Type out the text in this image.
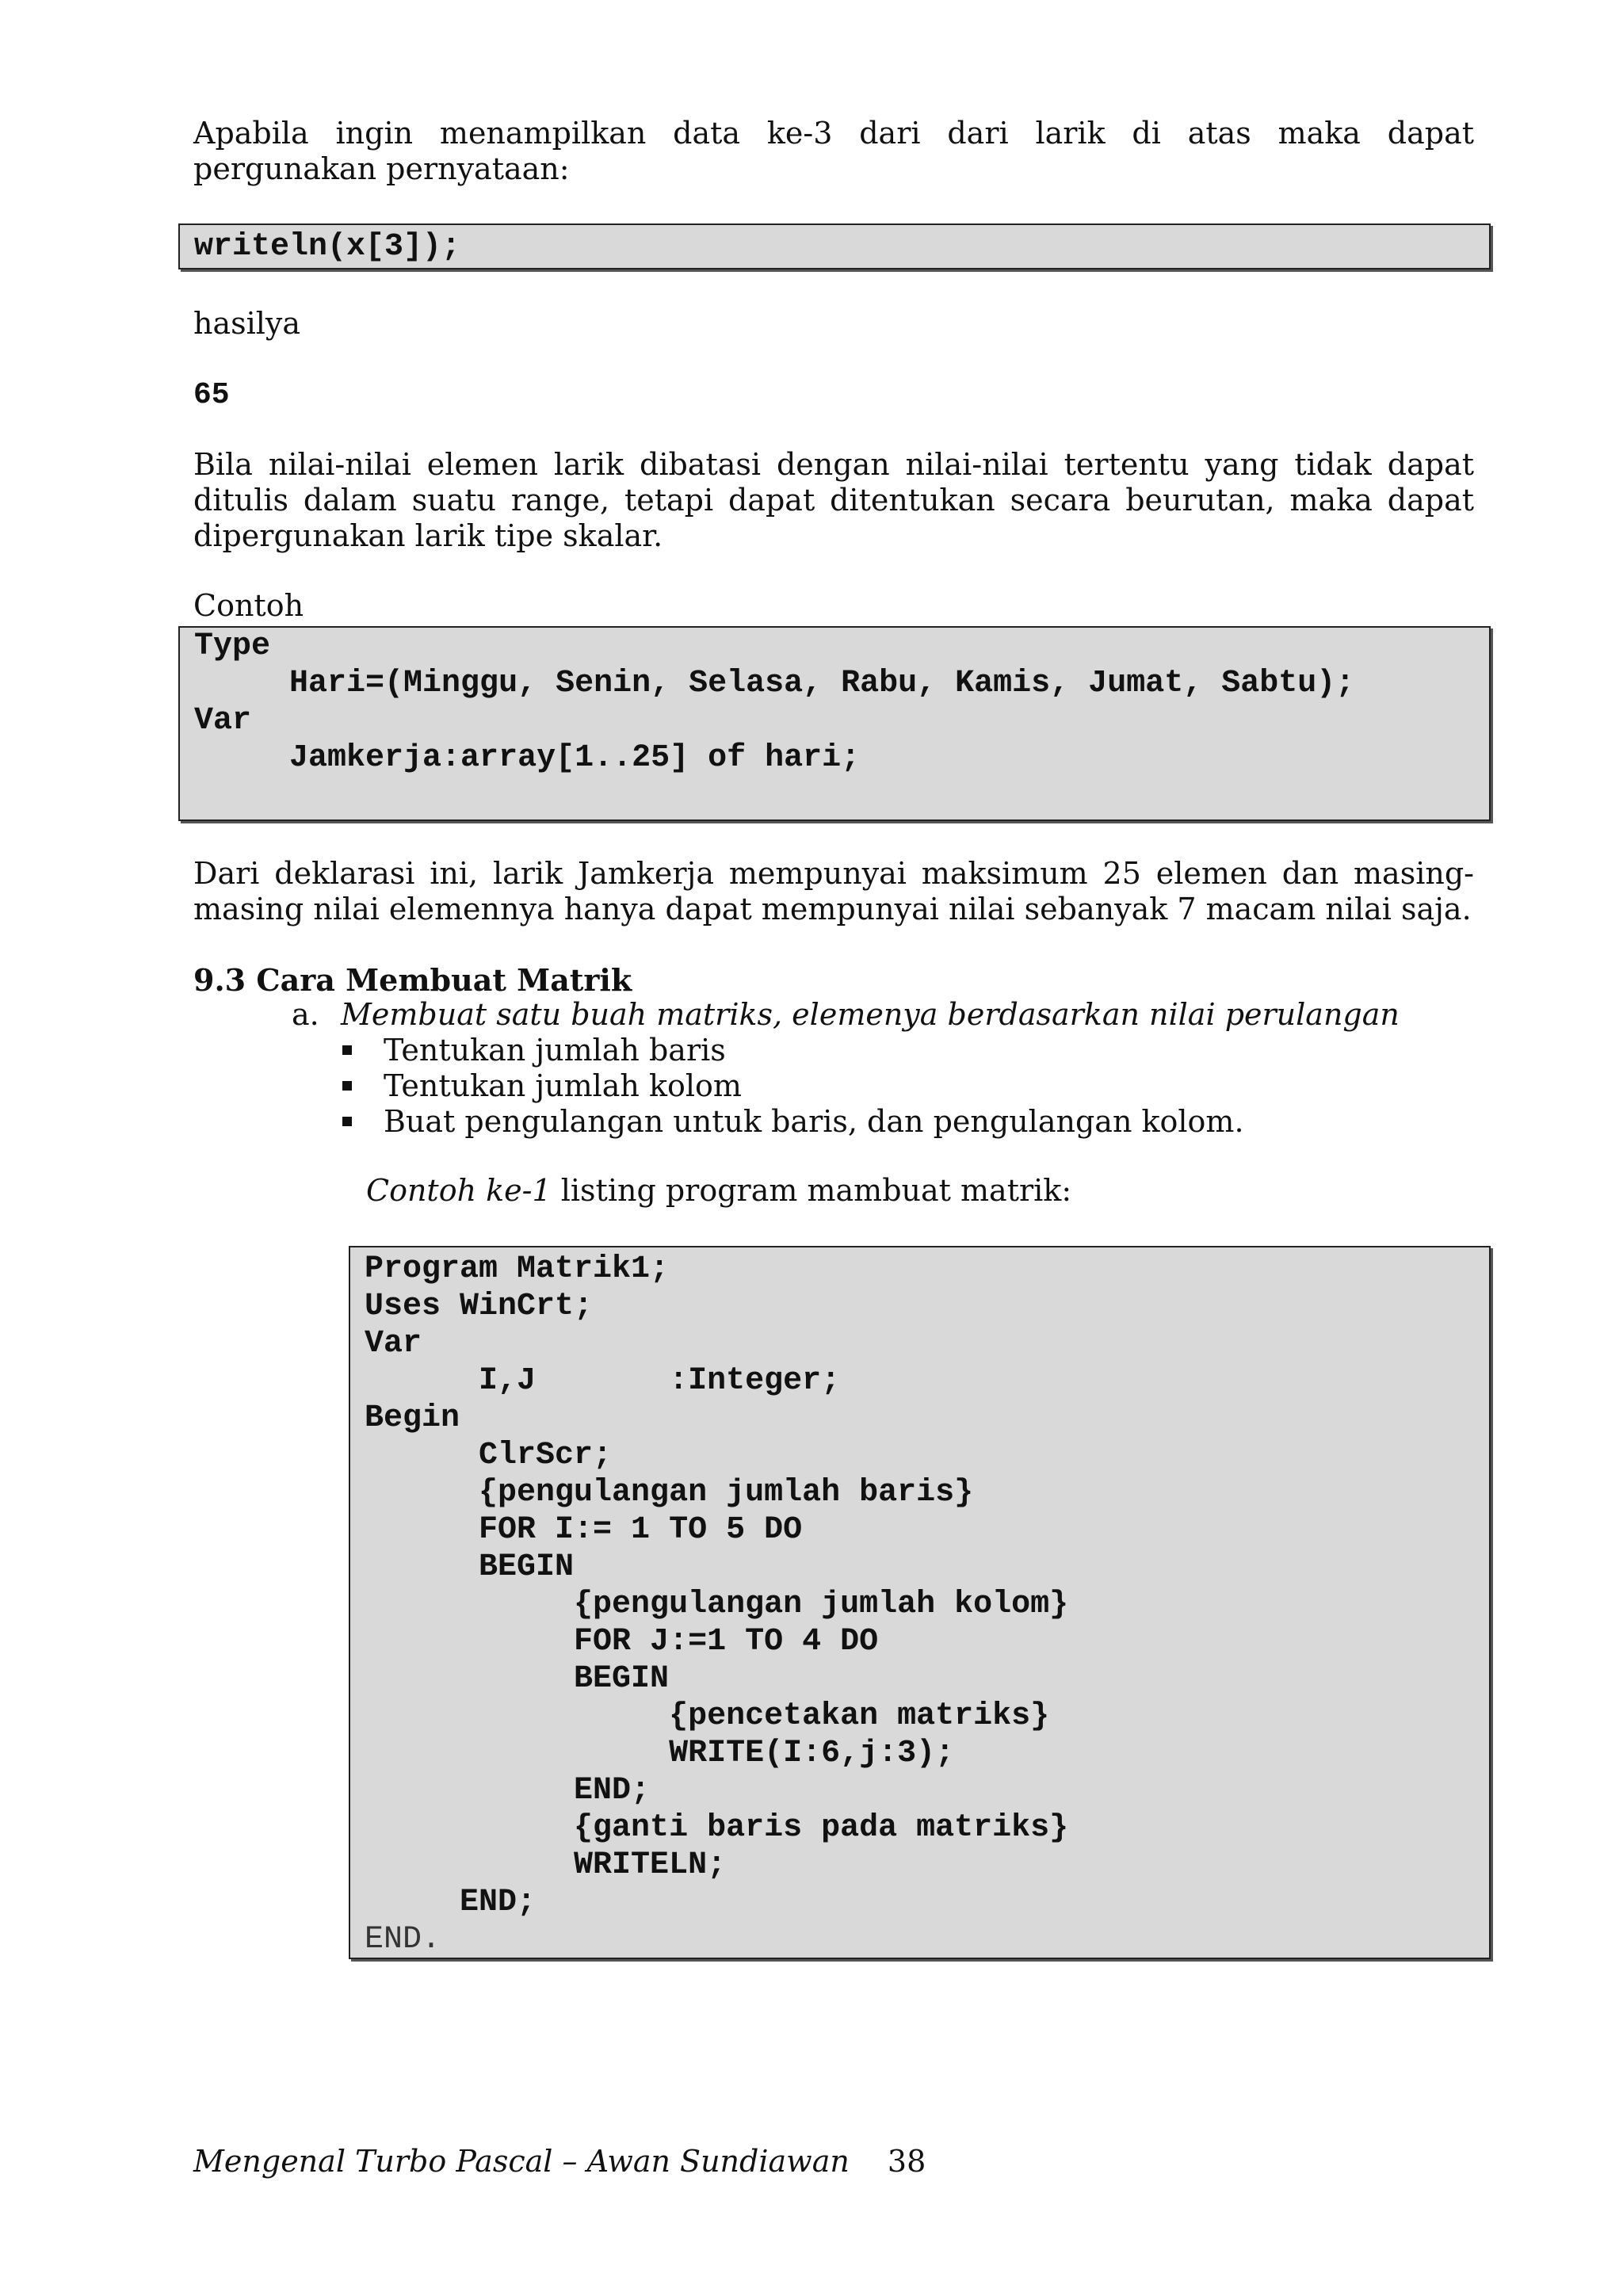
Apabila ingin menampilkan data ke-3 dari dari larik di atas maka dapat pergunakan pernyataan:

writeln(x[3]);

hasilya

65

Bila nilai-nilai elemen larik dibatasi dengan nilai-nilai tertentu yang tidak dapat ditulis dalam suatu range, tetapi dapat ditentukan secara beurutan, maka dapat dipergunakan larik tipe skalar.

Contoh

Type
Hari=(Minggu, Senin, Selasa, Rabu, Kamis, Jumat, Sabtu);
Var
Jamkerja:array[1..25] of hari;

Dari deklarasi ini, larik Jamkerja mempunyai maksimum 25 elemen dan masing-masing nilai elemennya hanya dapat mempunyai nilai sebanyak 7 macam nilai saja.

9.3 Cara Membuat Matrik
a. Membuat satu buah matriks, elemenya berdasarkan nilai perulangan
Tentukan jumlah baris
Tentukan jumlah kolom
Buat pengulangan untuk baris, dan pengulangan kolom.
Contoh ke-1 listing program mambuat matrik:
Program Matrik1;
Uses WinCrt;
Var
I,J       :Integer;
Begin
ClrScr;
{pengulangan jumlah baris}
FOR I:= 1 TO 5 DO
BEGIN
{pengulangan jumlah kolom}
FOR J:=1 TO 4 DO
BEGIN
{pencetakan matriks}
WRITE(I:6,j:3);
END;
{ganti baris pada matriks}
WRITELN;
END;
END.
Mengenal Turbo Pascal – Awan Sundiawan 38
